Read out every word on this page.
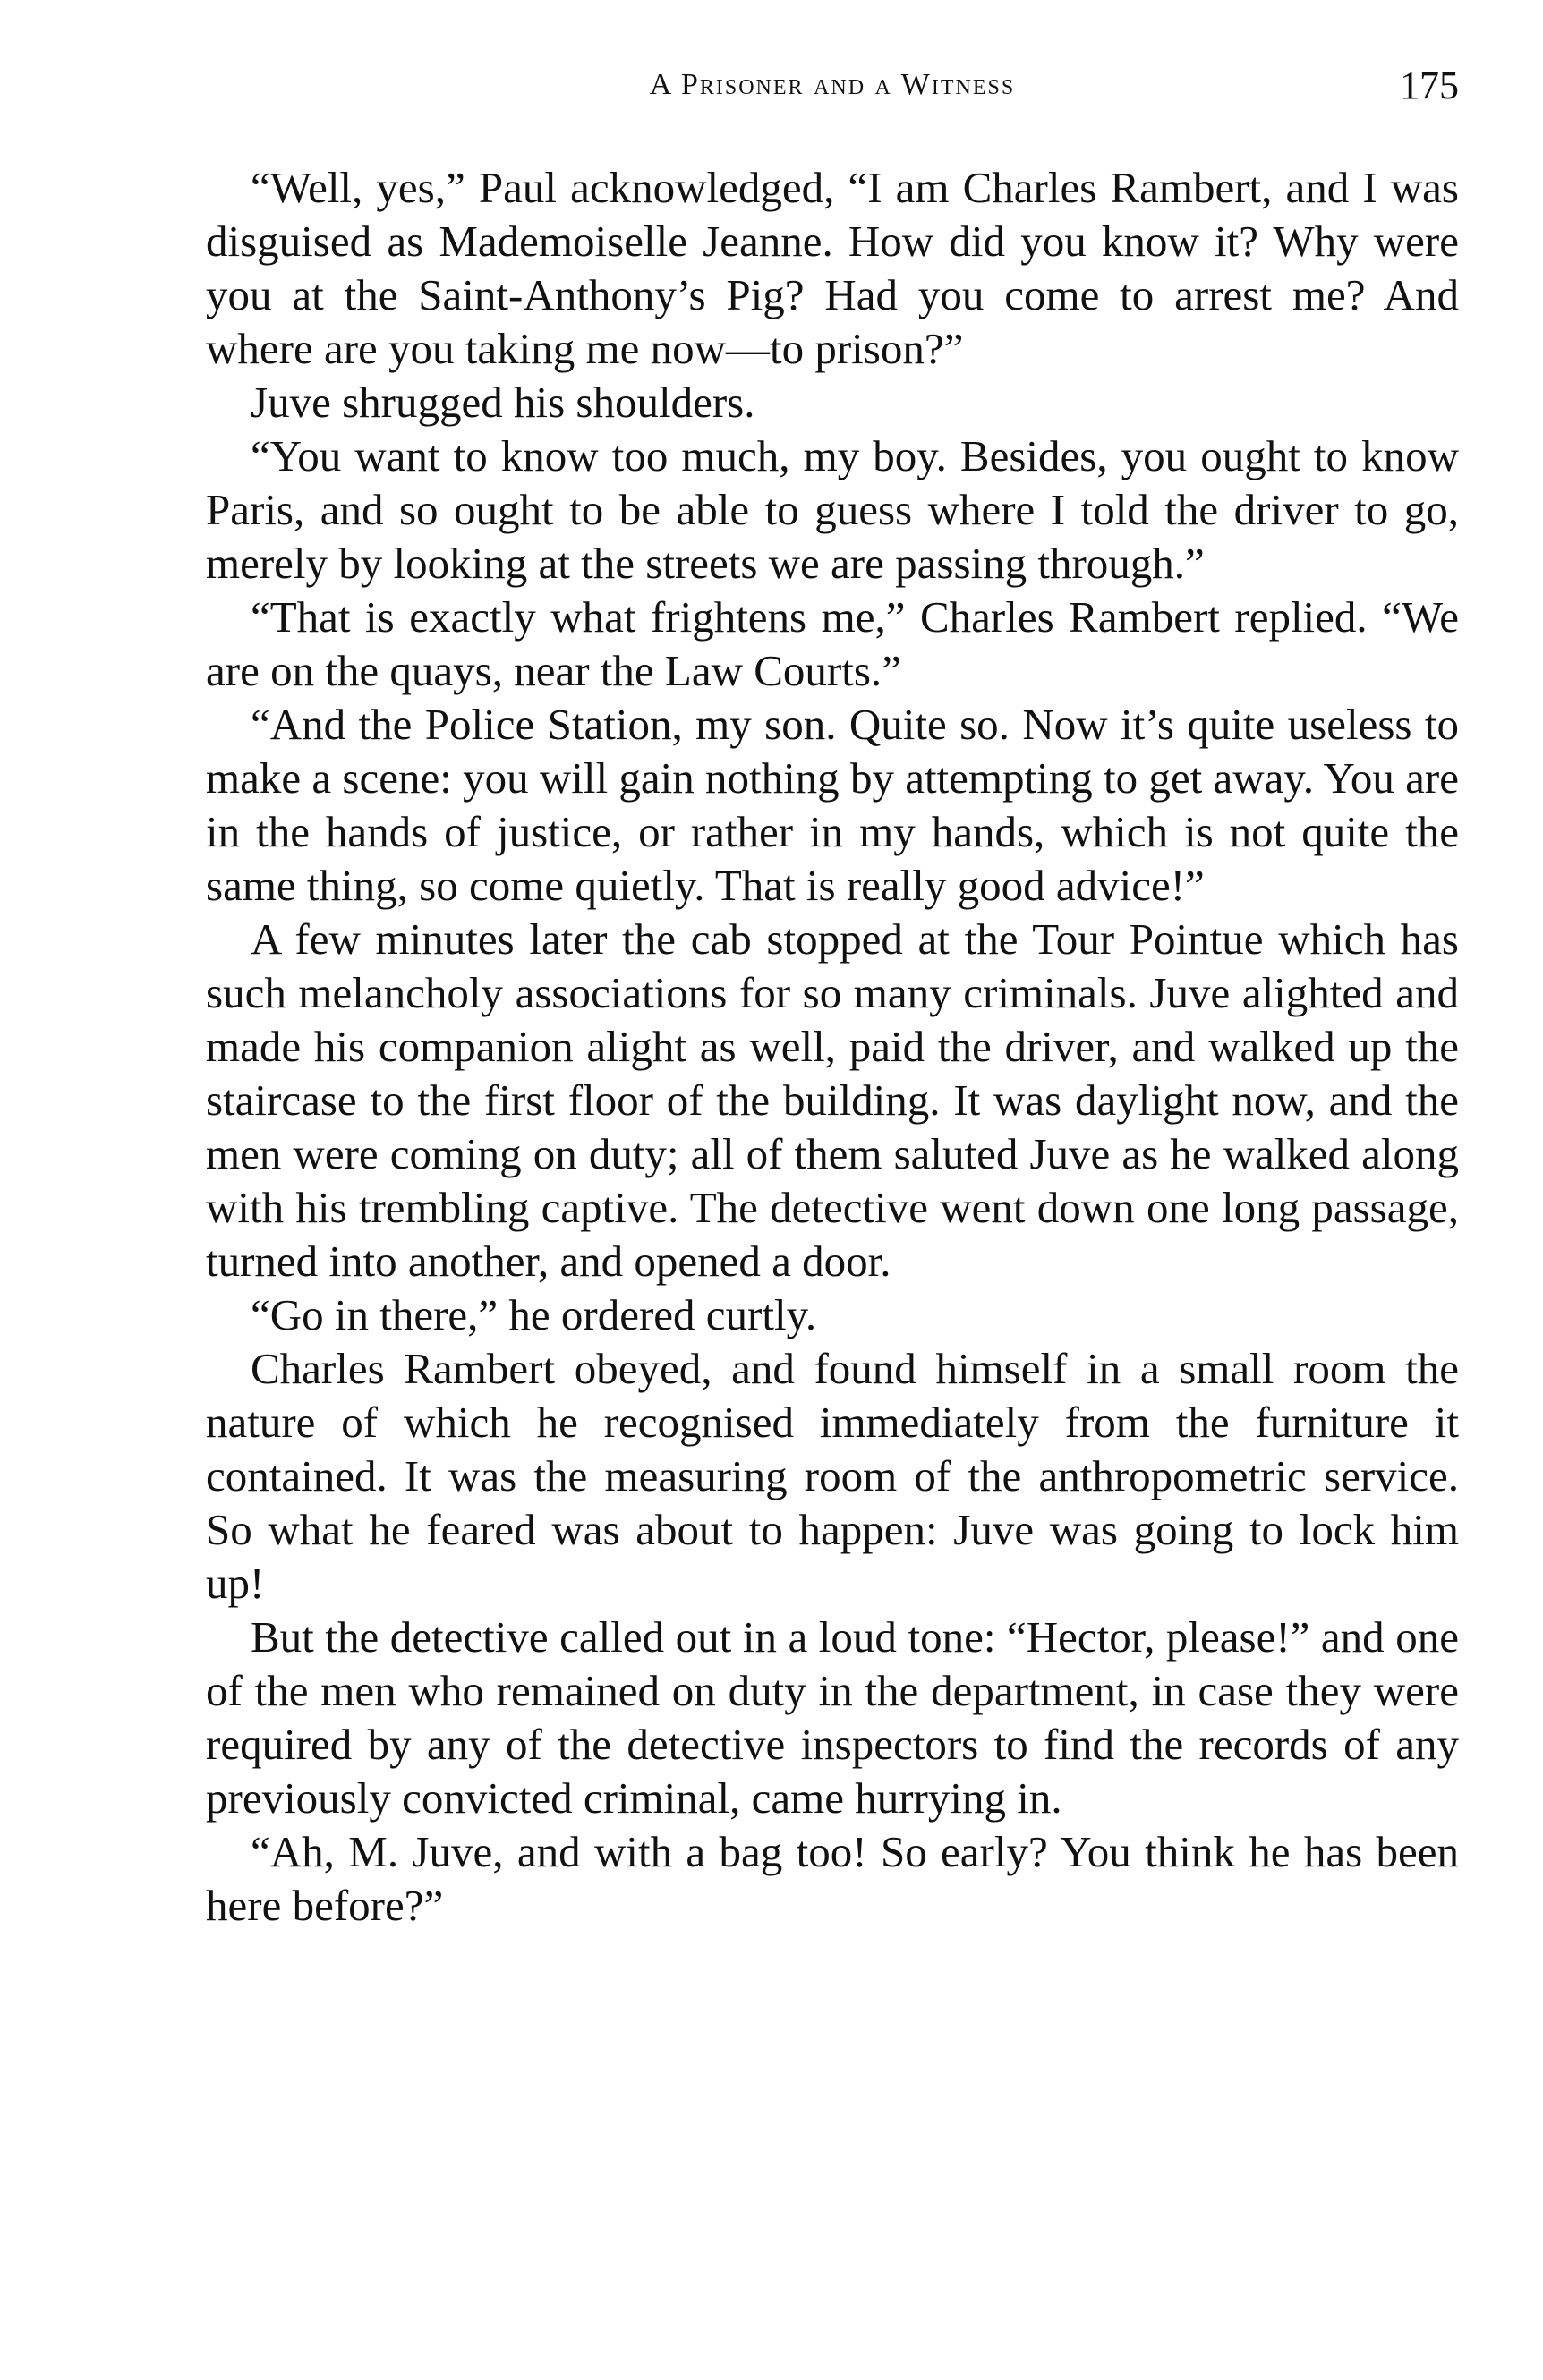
A Prisoner and a Witness	175

“Well, yes,” Paul acknowledged, “I am Charles Rambert, and I was disguised as Mademoiselle Jeanne. How did you know it? Why were you at the Saint-Anthony’s Pig? Had you come to arrest me? And where are you taking me now—to prison?”

Juve shrugged his shoulders.

“You want to know too much, my boy. Besides, you ought to know Paris, and so ought to be able to guess where I told the driver to go, merely by looking at the streets we are passing through.”

“That is exactly what frightens me,” Charles Rambert replied. “We are on the quays, near the Law Courts.”

“And the Police Station, my son. Quite so. Now it’s quite useless to make a scene: you will gain nothing by attempting to get away. You are in the hands of justice, or rather in my hands, which is not quite the same thing, so come quietly. That is really good advice!”

A few minutes later the cab stopped at the Tour Pointue which has such melancholy associations for so many criminals. Juve alighted and made his companion alight as well, paid the driver, and walked up the staircase to the first floor of the building. It was daylight now, and the men were coming on duty; all of them saluted Juve as he walked along with his trembling captive. The detective went down one long passage, turned into another, and opened a door.

“Go in there,” he ordered curtly.

Charles Rambert obeyed, and found himself in a small room the nature of which he recognised immediately from the furniture it contained. It was the measuring room of the anthropometric service. So what he feared was about to happen: Juve was going to lock him up!

But the detective called out in a loud tone: “Hector, please!” and one of the men who remained on duty in the department, in case they were required by any of the detective inspectors to find the records of any previously convicted criminal, came hurrying in.

“Ah, M. Juve, and with a bag too! So early? You think he has been here before?”
